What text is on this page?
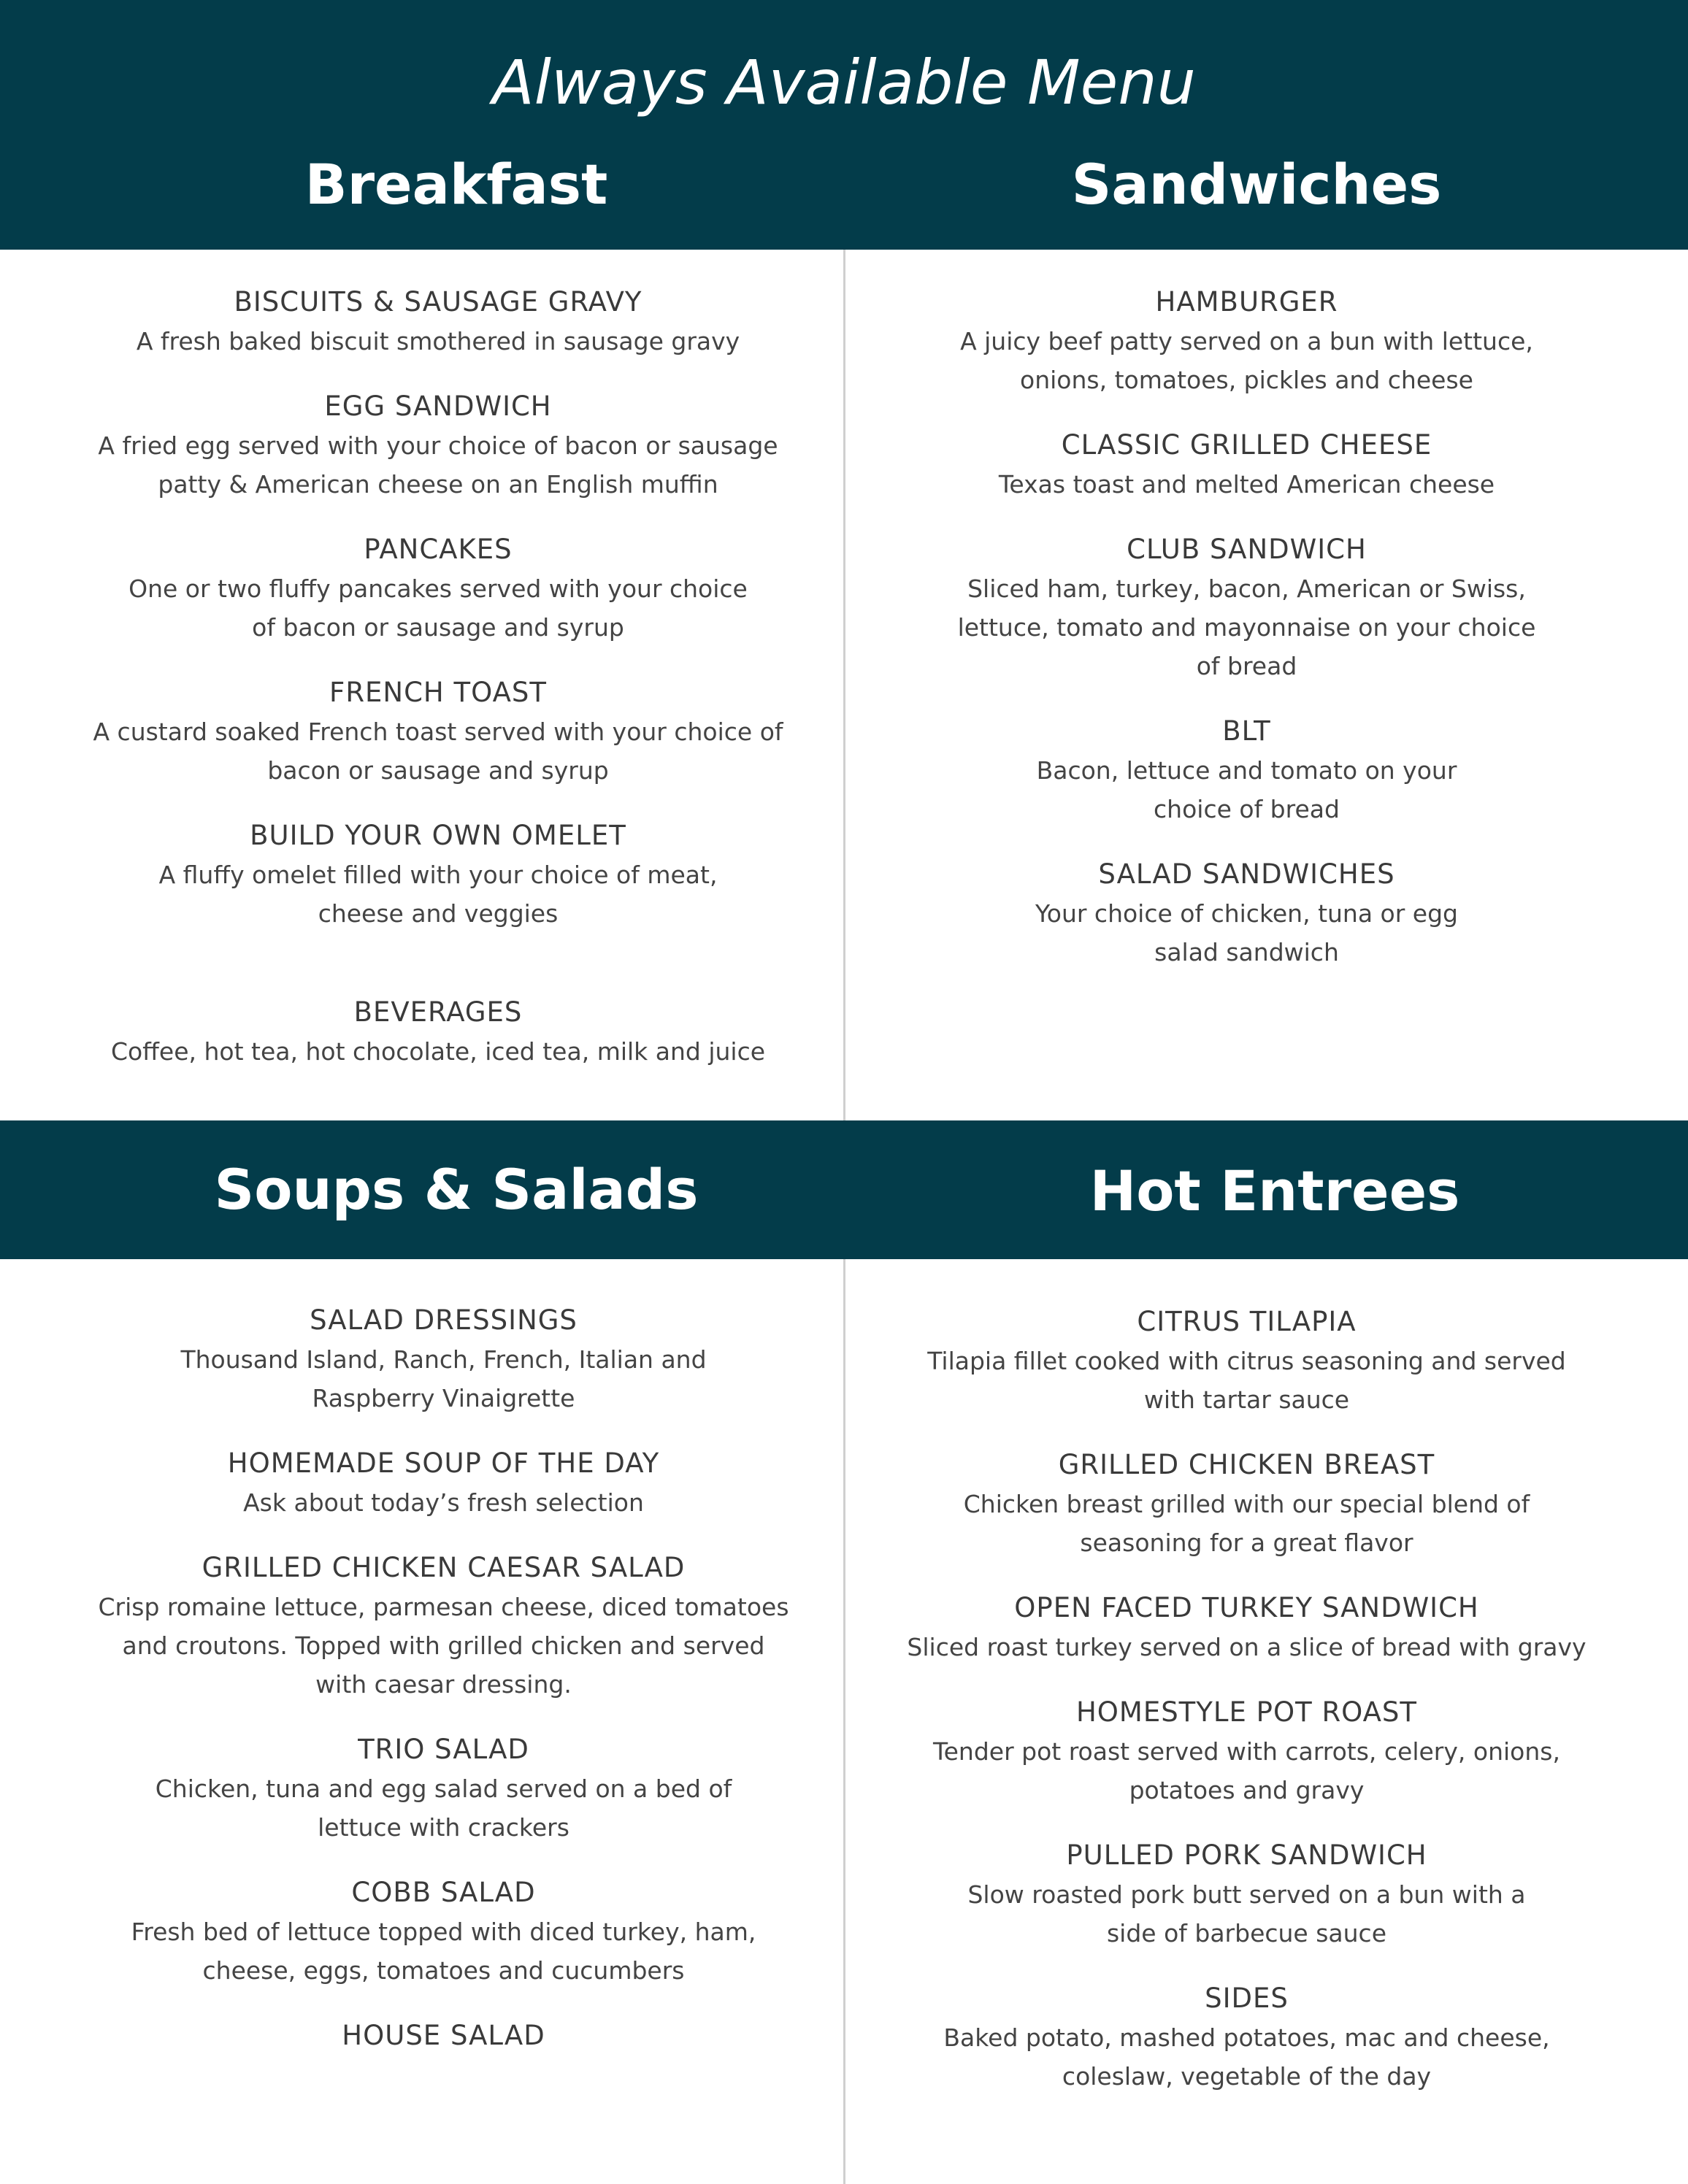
Always Available Menu
Breakfast	Sandwiches
Soups & Salads	Hot Entrees
BISCUITS & SAUSAGE GRAVY
A fresh baked biscuit smothered in sausage gravy
EGG SANDWICH
A fried egg served with your choice of bacon or sausage patty & American cheese on an English muffin
PANCAKES
One or two fluffy pancakes served with your choice of bacon or sausage and syrup
FRENCH TOAST
A custard soaked French toast served with your choice of bacon or sausage and syrup
BUILD YOUR OWN OMELET
A fluffy omelet filled with your choice of meat, cheese and veggies
BEVERAGES
Coffee, hot tea, hot chocolate, iced tea, milk and juice
HAMBURGER
A juicy beef patty served on a bun with lettuce, onions, tomatoes, pickles and cheese
CLASSIC GRILLED CHEESE
Texas toast and melted American cheese
CLUB SANDWICH
Sliced ham, turkey, bacon, American or Swiss, lettuce, tomato and mayonnaise on your choice of bread
BLT
Bacon, lettuce and tomato on your choice of bread
SALAD SANDWICHES
Your choice of chicken, tuna or egg salad sandwich
SALAD DRESSINGS
Thousand Island, Ranch, French, Italian and Raspberry Vinaigrette
HOMEMADE SOUP OF THE DAY
Ask about today’s fresh selection
GRILLED CHICKEN CAESAR SALAD
Crisp romaine lettuce, parmesan cheese, diced tomatoes and croutons. Topped with grilled chicken and served with caesar dressing.
TRIO SALAD
Chicken, tuna and egg salad served on a bed of lettuce with crackers
COBB SALAD
Fresh bed of lettuce topped with diced turkey, ham, cheese, eggs, tomatoes and cucumbers
HOUSE SALAD
CITRUS TILAPIA
Tilapia fillet cooked with citrus seasoning and served with tartar sauce
GRILLED CHICKEN BREAST
Chicken breast grilled with our special blend of seasoning for a great flavor
OPEN FACED TURKEY SANDWICH
Sliced roast turkey served on a slice of bread with gravy
HOMESTYLE POT ROAST
Tender pot roast served with carrots, celery, onions, potatoes and gravy
PULLED PORK SANDWICH
Slow roasted pork butt served on a bun with a side of barbecue sauce
SIDES
Baked potato, mashed potatoes, mac and cheese, coleslaw, vegetable of the day
